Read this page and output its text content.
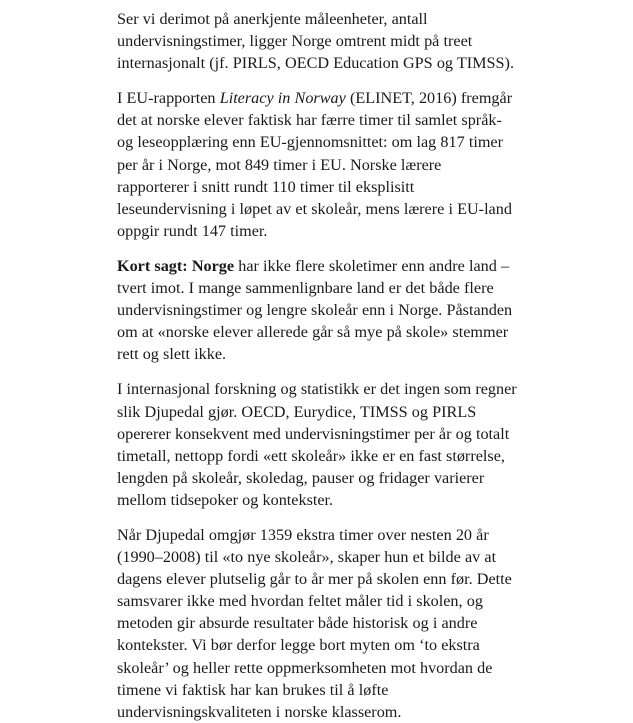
Ser vi derimot på anerkjente måleenheter, antall undervisningstimer, ligger Norge omtrent midt på treet internasjonalt (jf. PIRLS, OECD Education GPS og TIMSS).

I EU-rapporten Literacy in Norway (ELINET, 2016) fremgår det at norske elever faktisk har færre timer til samlet språk- og leseopplæring enn EU-gjennomsnittet: om lag 817 timer per år i Norge, mot 849 timer i EU. Norske lærere rapporterer i snitt rundt 110 timer til eksplisitt leseundervisning i løpet av et skoleår, mens lærere i EU-land oppgir rundt 147 timer.

Kort sagt: Norge har ikke flere skoletimer enn andre land – tvert imot. I mange sammenlignbare land er det både flere undervisningstimer og lengre skoleår enn i Norge. Påstanden om at «norske elever allerede går så mye på skole» stemmer rett og slett ikke.

I internasjonal forskning og statistikk er det ingen som regner slik Djupedal gjør. OECD, Eurydice, TIMSS og PIRLS opererer konsekvent med undervisningstimer per år og totalt timetall, nettopp fordi «ett skoleår» ikke er en fast størrelse, lengden på skoleår, skoledag, pauser og fridager varierer mellom tidsepoker og kontekster.

Når Djupedal omgjør 1359 ekstra timer over nesten 20 år (1990–2008) til «to nye skoleår», skaper hun et bilde av at dagens elever plutselig går to år mer på skolen enn før. Dette samsvarer ikke med hvordan feltet måler tid i skolen, og metoden gir absurde resultater både historisk og i andre kontekster. Vi bør derfor legge bort myten om ‘to ekstra skoleår’ og heller rette oppmerksomheten mot hvordan de timene vi faktisk har kan brukes til å løfte undervisningskvaliteten i norske klasserom.
